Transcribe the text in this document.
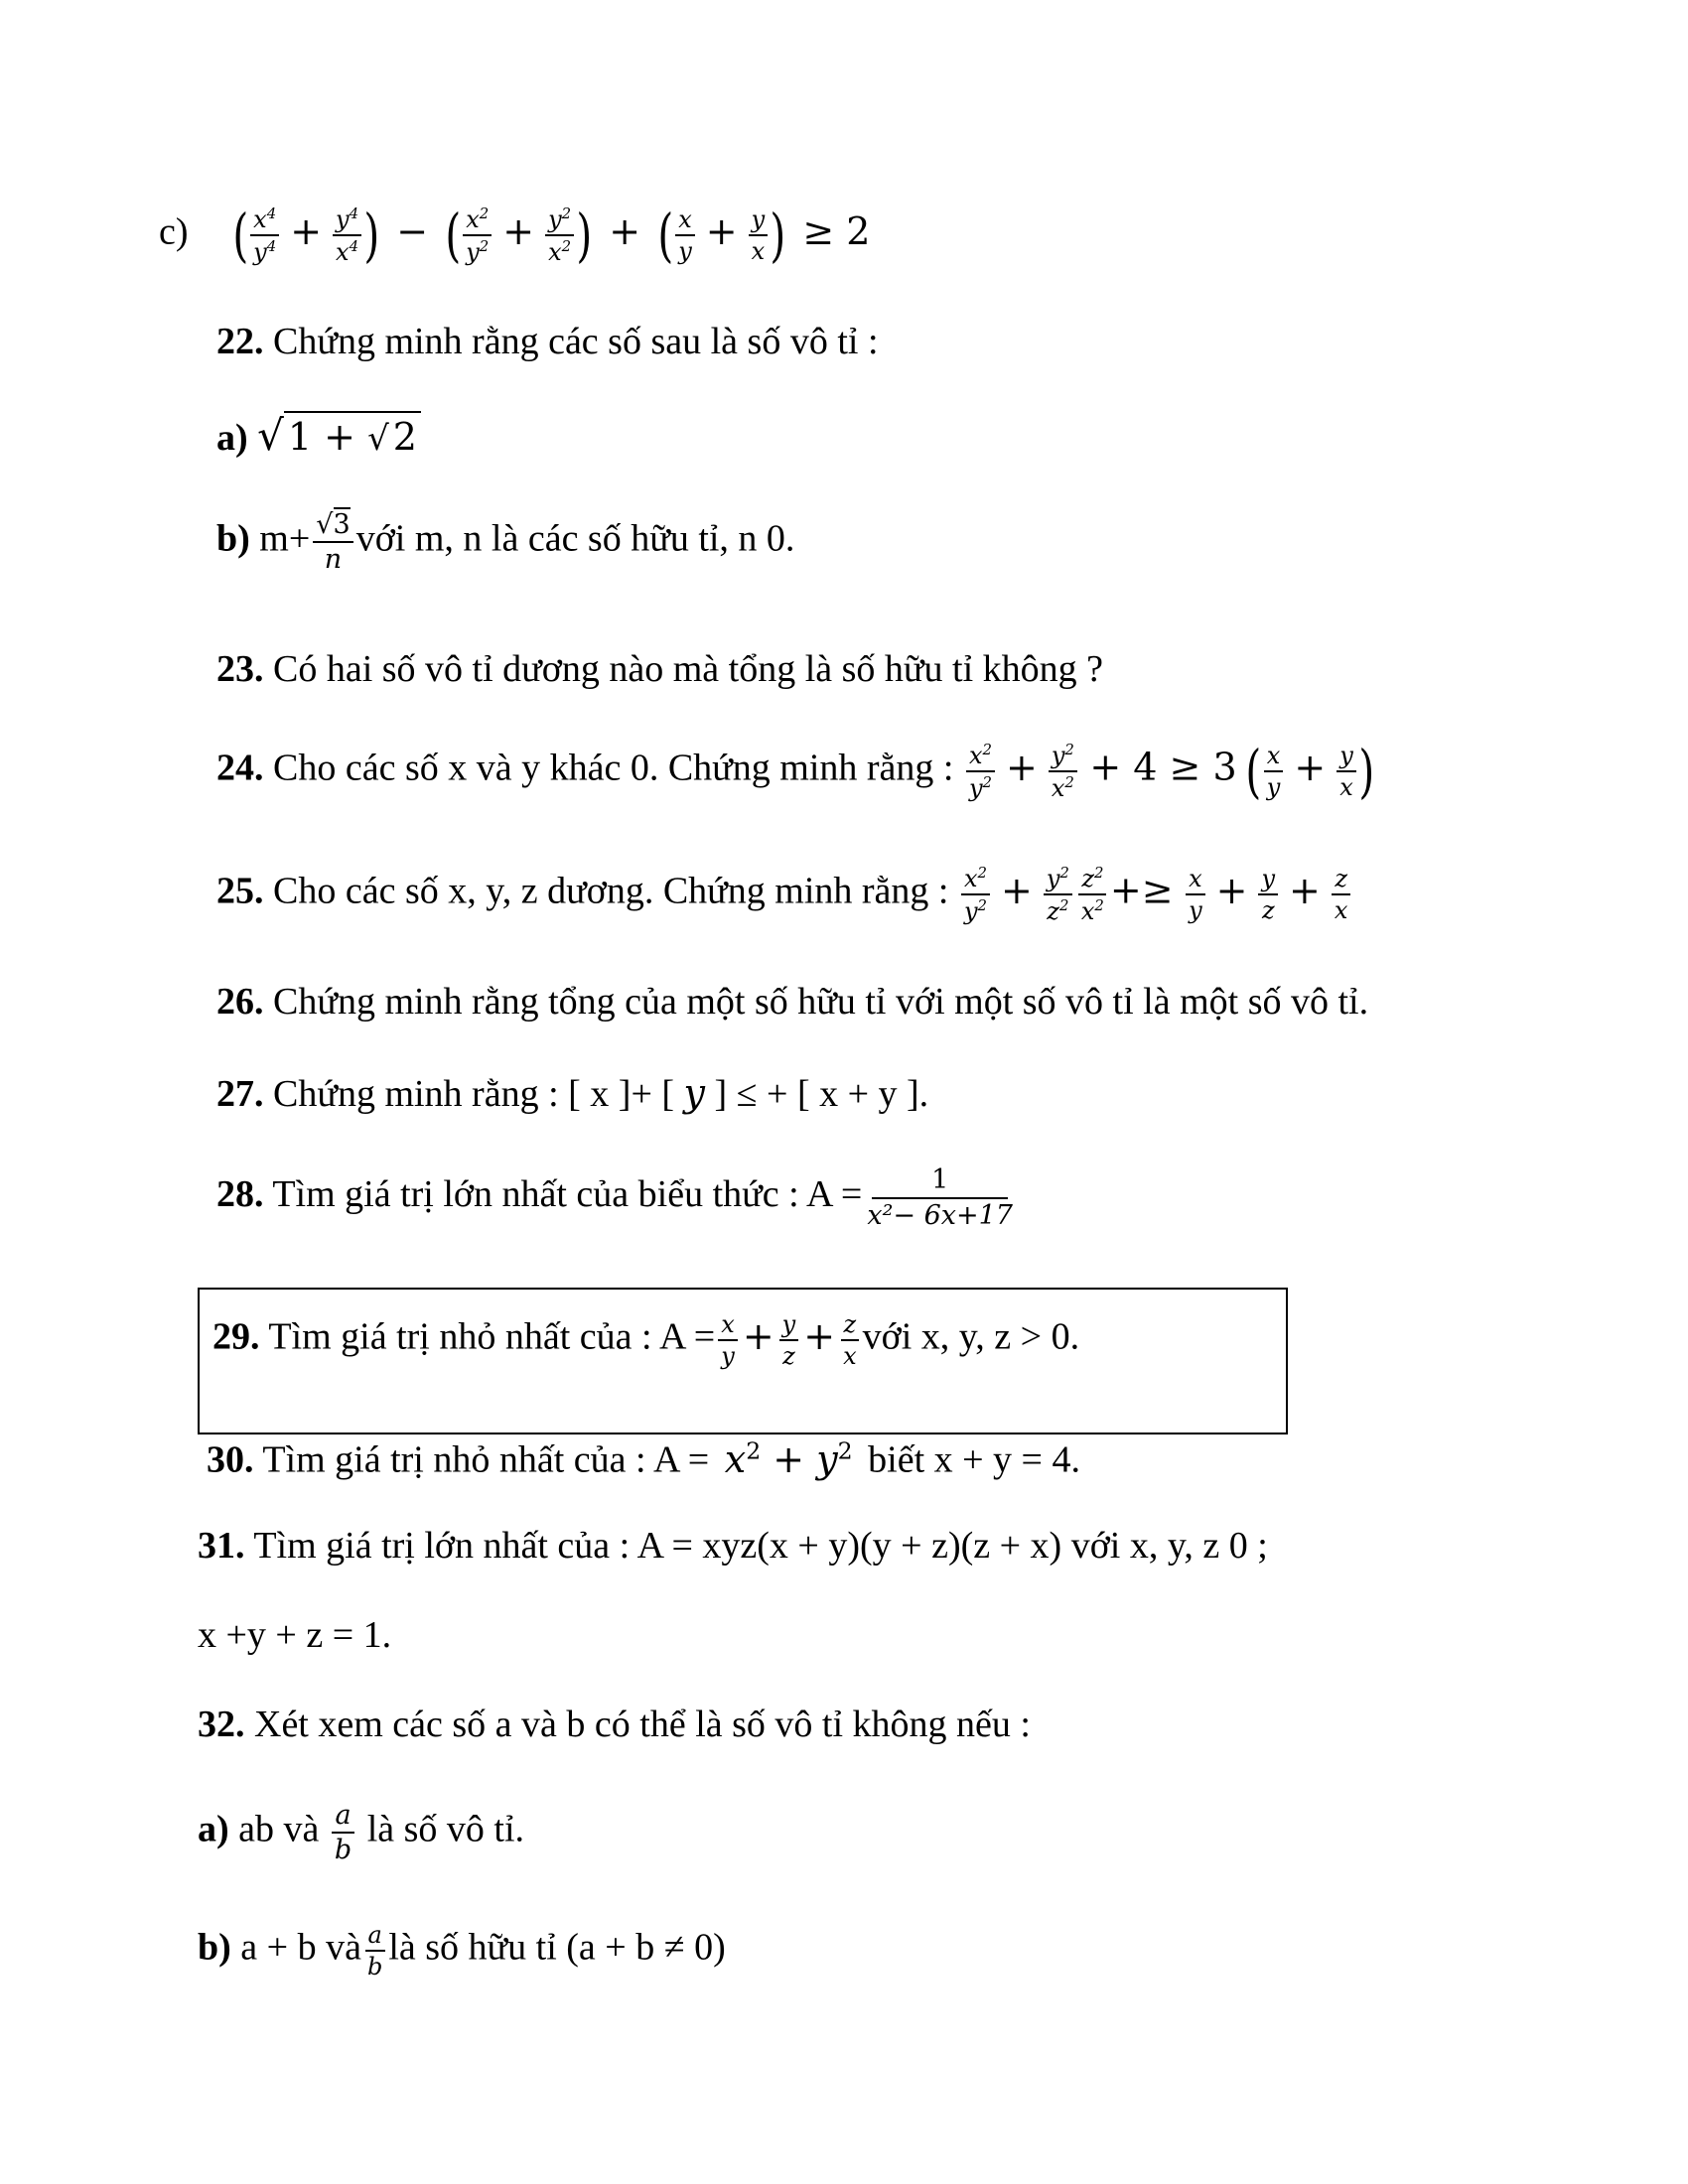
c) ( $\frac{x^4}{y^4} + \frac{y^4}{x^4}$ ) − ( $\frac{x^2}{y^2} + \frac{y^2}{x^2}$ ) + ( $\frac{x}{y} + \frac{y}{x}$ ) ≥ 2
22. Chứng minh rằng các số sau là số vô tỉ :
a) √ 1 + √ 2
b) $m+ \frac{√3}{n}$ với m, n là các số hữu tỉ, n 0.
23. Có hai số vô tỉ dương nào mà tổng là số hữu tỉ không ?
24. Cho các số x và y khác 0. Chứng minh rằng : $\frac{x^2}{y^2} + \frac{y^2}{x^2} + 4 \ge 3$ ( $\frac{x}{y} + \frac{y}{x}$ )
25. Cho các số x, y, z dương. Chứng minh rằng : $\frac{x^2}{y^2} + \frac{y^2}{z^2} \frac{z^2}{x^2} +\ge \frac{x}{y} + \frac{y}{z} + \frac{z}{x}$
26. Chứng minh rằng tổng của một số hữu tỉ với một số vô tỉ là một số vô tỉ.
27. Chứng minh rằng : [ x ]+ [ y ] ≤ + [ x + y ].
28. Tìm giá trị lớn nhất của biểu thức : $A = \frac{1}{\text{x²− 6x+17}}$
29. Tìm giá trị nhỏ nhất của : $A = \frac{x}{y} + \frac{y}{z} + \frac{z}{x}$ với x, y, z > 0.
30. Tìm giá trị nhỏ nhất của : $A = x^2 + y^2$ biết x + y = 4.
31. Tìm giá trị lớn nhất của : A = xyz(x + y)(y + z)(z + x) với x, y, z 0 ;
x +y + z = 1.
32. Xét xem các số a và b có thể là số vô tỉ không nếu :
a) ab và $\frac{a}{b}$ là số vô tỉ.
b) a + b và $\frac{a}{b}$ là số hữu tỉ (a + b ≠ 0)
